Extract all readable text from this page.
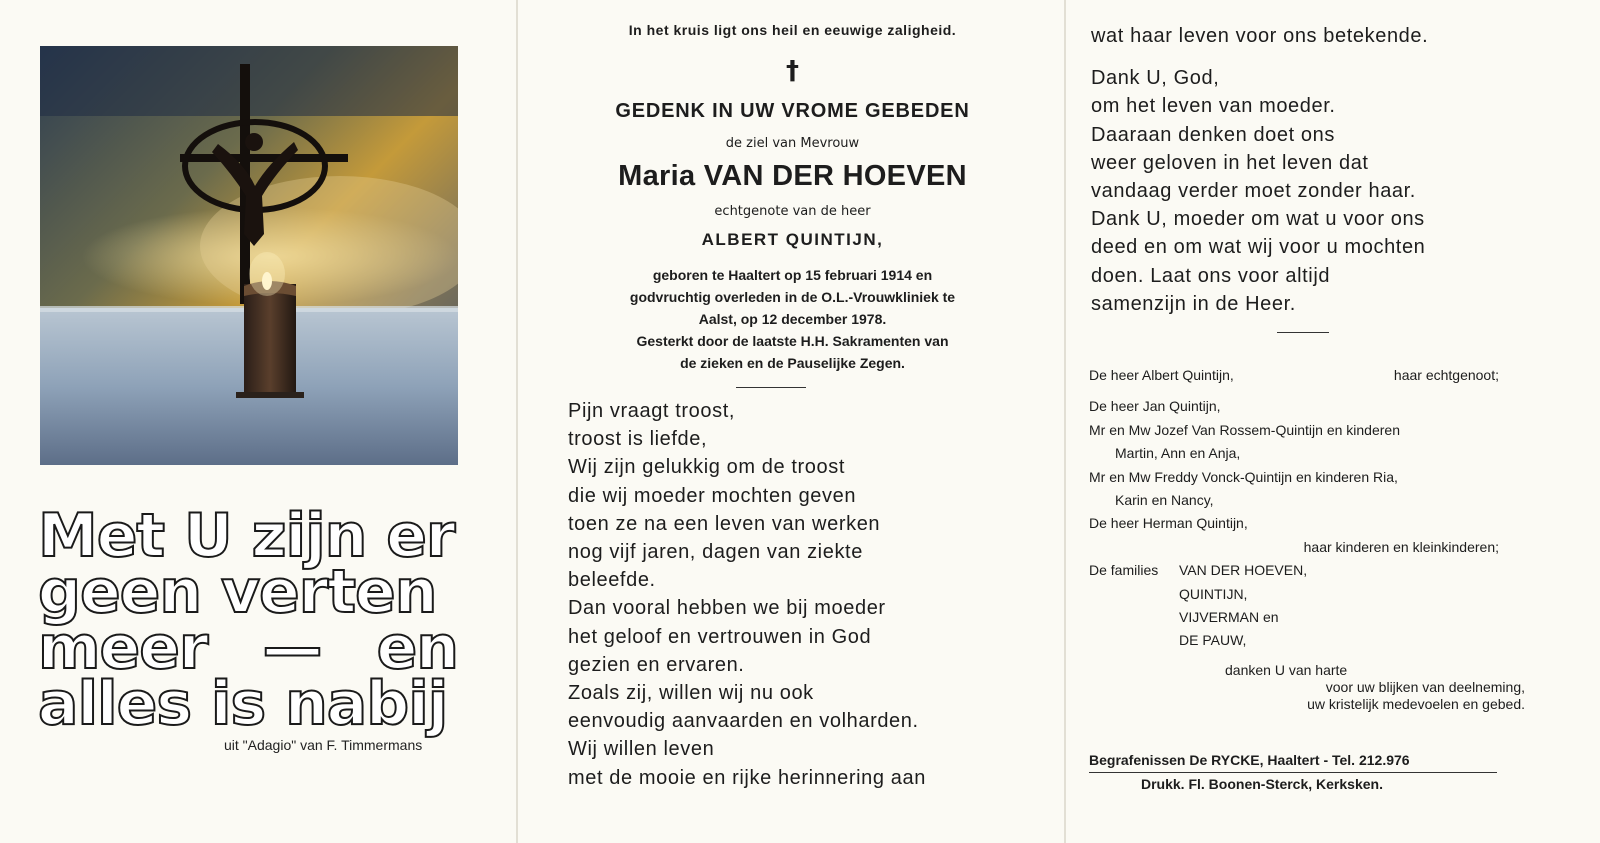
Met U zijn er
geen verten
meer — en
alles is nabij
uit "Adagio" van F. Timmermans
In het kruis ligt ons heil en eeuwige zaligheid.
†
GEDENK IN UW VROME GEBEDEN
de ziel van Mevrouw
Maria VAN DER HOEVEN
echtgenote van de heer
ALBERT QUINTIJN,
geboren te Haaltert op 15 februari 1914 en
godvruchtig overleden in de O.L.-Vrouwkliniek te
Aalst, op 12 december 1978.
Gesterkt door de laatste H.H. Sakramenten van
de zieken en de Pauselijke Zegen.
Pijn vraagt troost,
troost is liefde,
Wij zijn gelukkig om de troost
die wij moeder mochten geven
toen ze na een leven van werken
nog vijf jaren, dagen van ziekte
beleefde.
Dan vooral hebben we bij moeder
het geloof en vertrouwen in God
gezien en ervaren.
Zoals zij, willen wij nu ook
eenvoudig aanvaarden en volharden.
Wij willen leven
met de mooie en rijke herinnering aan
wat haar leven voor ons betekende.
Dank U, God,
om het leven van moeder.
Daaraan denken doet ons
weer geloven in het leven dat
vandaag verder moet zonder haar.
Dank U, moeder om wat u voor ons
deed en om wat wij voor u mochten
doen. Laat ons voor altijd
samenzijn in de Heer.
De heer Albert Quintijn,	haar echtgenoot;
De heer Jan Quintijn,
Mr en Mw Jozef Van Rossem-Quintijn en kinderen
Martin, Ann en Anja,
Mr en Mw Freddy Vonck-Quintijn en kinderen Ria,
Karin en Nancy,
De heer Herman Quintijn,
haar kinderen en kleinkinderen;
De families	VAN DER HOEVEN,
QUINTIJN,
VIJVERMAN en
DE PAUW,
danken U van harte
voor uw blijken van deelneming,
uw kristelijk medevoelen en gebed.
Begrafenissen De RYCKE, Haaltert - Tel. 212.976
Drukk. Fl. Boonen-Sterck, Kerksken.
